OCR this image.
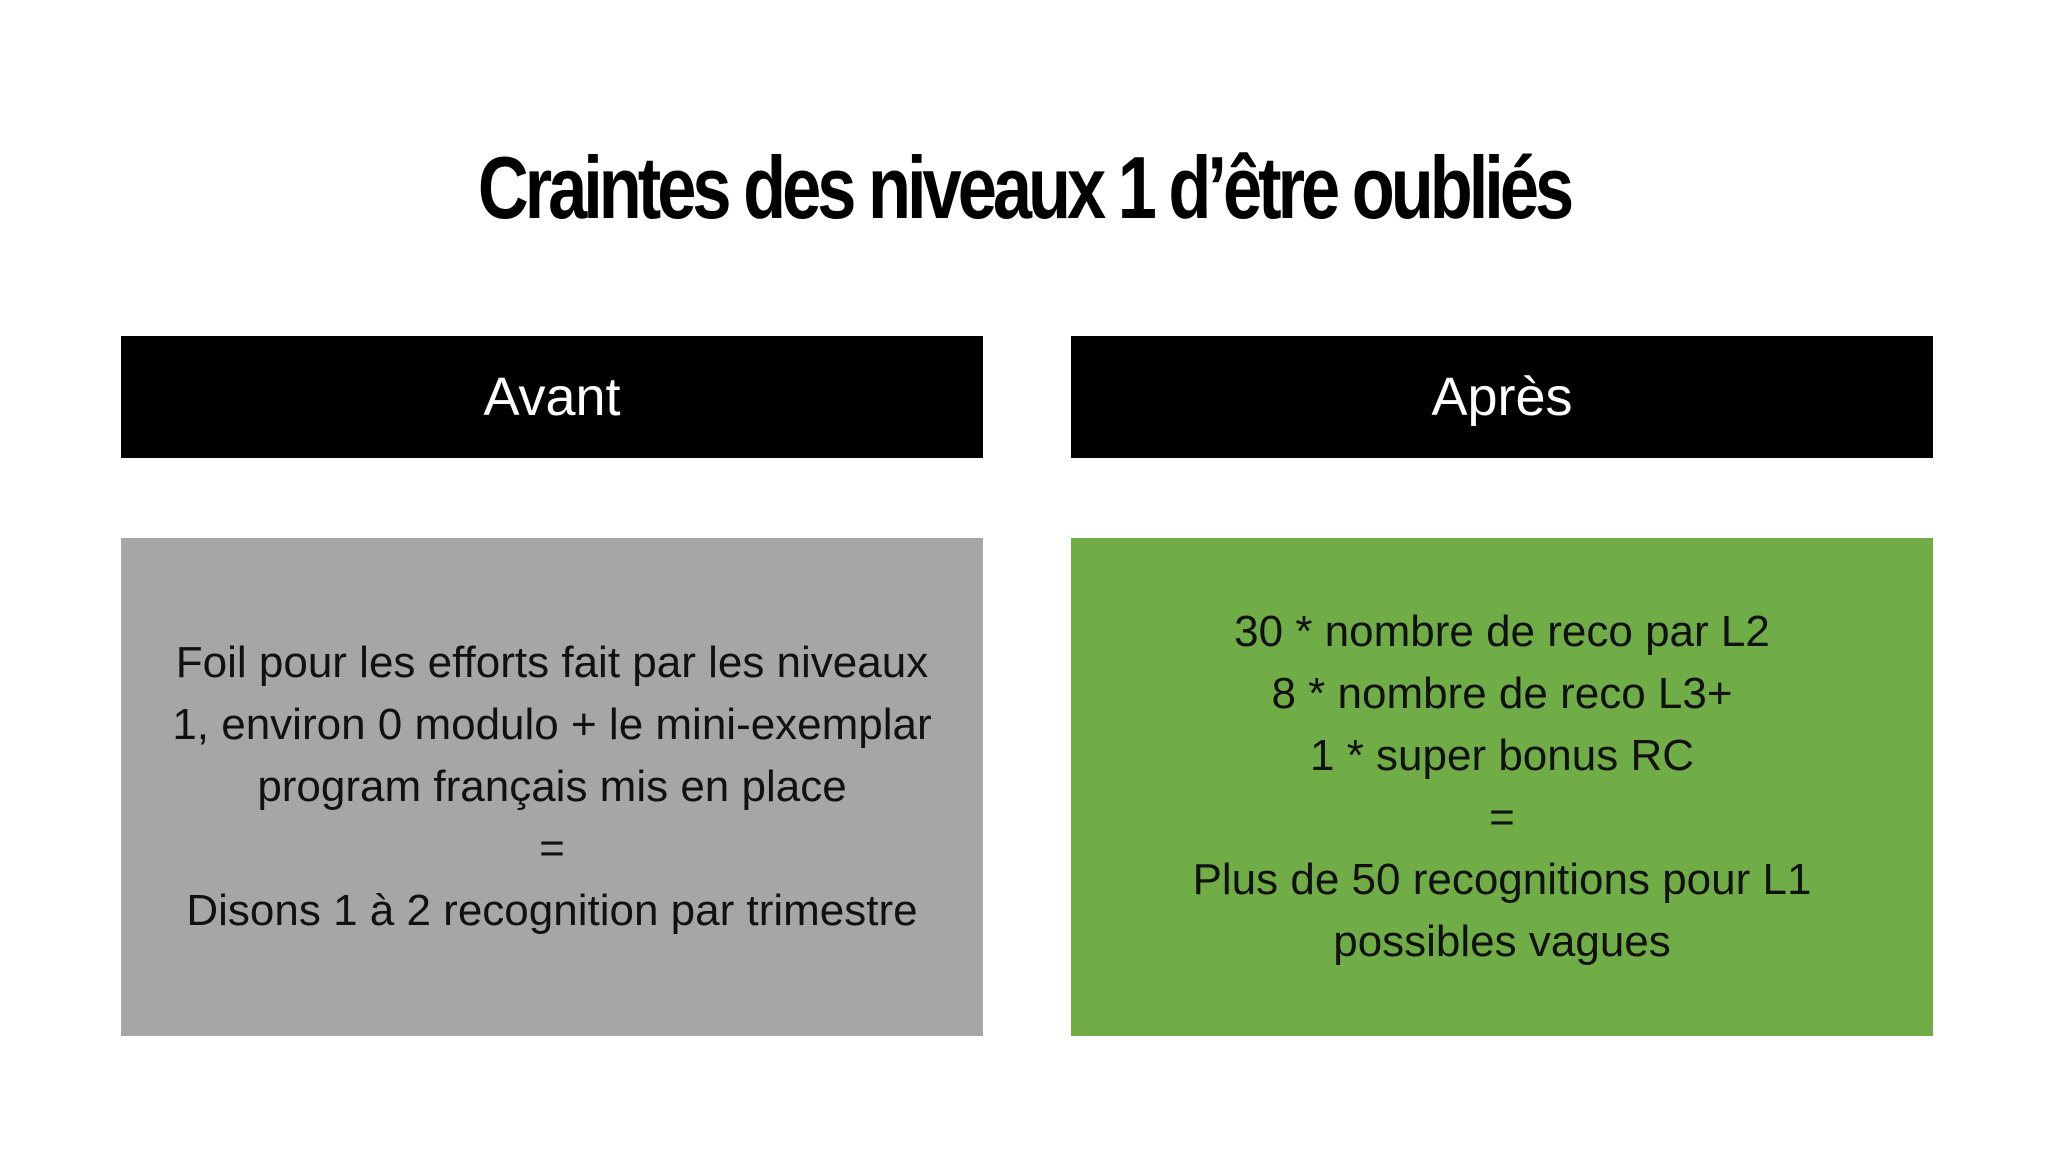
Craintes des niveaux 1 d’être oubliés
Avant	Après
Foil pour les efforts fait par les niveaux
1, environ 0 modulo + le mini-exemplar
program français mis en place
=
Disons 1 à 2 recognition par trimestre
30 * nombre de reco par L2
8 * nombre de reco L3+
1 * super bonus RC
=
Plus de 50 recognitions pour L1
possibles vagues
